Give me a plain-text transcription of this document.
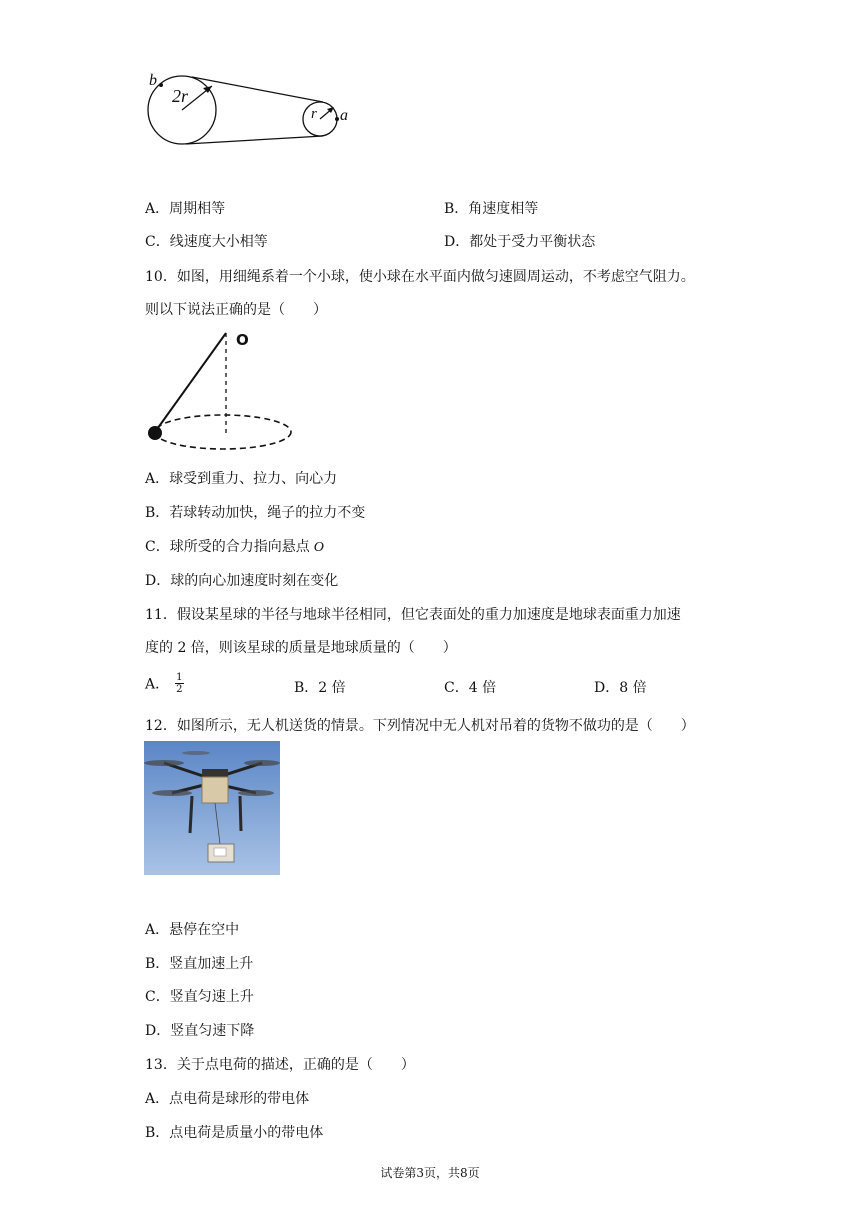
b
2r
r a
A．周期相等	B．角速度相等
C．线速度大小相等	D．都处于受力平衡状态
10．如图，用细绳系着一个小球，使小球在水平面内做匀速圆周运动，不考虑空气阻力。
则以下说法正确的是（　　）
O
A．球受到重力、拉力、向心力
B．若球转动加快，绳子的拉力不变
C．球所受的合力指向悬点 O
D．球的向心加速度时刻在变化
11．假设某星球的半径与地球半径相同，但它表面处的重力加速度是地球表面重力加速
度的 2 倍，则该星球的质量是地球质量的（　　）
A． $\frac{1}{2}$	B．2 倍	C．4 倍	D．8 倍
12．如图所示，无人机送货的情景。下列情况中无人机对吊着的货物不做功的是（　　）
A．悬停在空中
B．竖直加速上升
C．竖直匀速上升
D．竖直匀速下降
13．关于点电荷的描述，正确的是（　　）
A．点电荷是球形的带电体
B．点电荷是质量小的带电体
试卷第3页，共8页
